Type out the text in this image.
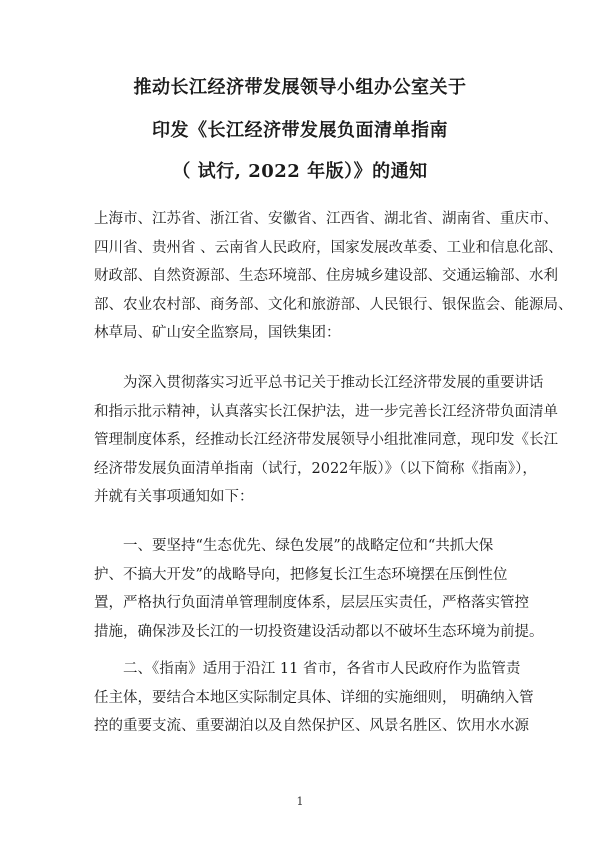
推动长江经济带发展领导小组办公室关于
印发《长江经济带发展负面清单指南
（ 试行, 2022 年版）》的通知
上海市、江苏省、浙江省、安徽省、江西省、湖北省、湖南省、重庆市、
四川省、贵州省 、云南省人民政府，国家发展改革委、工业和信息化部、
财政部、自然资源部、生态环境部、住房城乡建设部、交通运输部、水利
部、农业农村部、商务部、文化和旅游部、人民银行、银保监会、能源局、
林草局、矿山安全监察局，国铁集团：
　　为深入贯彻落实习近平总书记关于推动长江经济带发展的重要讲话
和指示批示精神，认真落实长江保护法，进一步完善长江经济带负面清单
管理制度体系，经推动长江经济带发展领导小组批准同意，现印发《长江
经济带发展负面清单指南（试行，2022年版）》（以下简称《指南》），
并就有关事项通知如下：
　　一、要坚持“生态优先、绿色发展”的战略定位和“共抓大保
护、不搞大开发”的战略导向，把修复长江生态环境摆在压倒性位
置，严格执行负面清单管理制度体系，层层压实责任，严格落实管控
措施，确保涉及长江的一切投资建设活动都以不破坏生态环境为前提。
　　二、《指南》适用于沿江 11 省市，各省市人民政府作为监管责
任主体，要结合本地区实际制定具体、详细的实施细则， 明确纳入管
控的重要支流、重要湖泊以及自然保护区、风景名胜区、饮用水水源
1
